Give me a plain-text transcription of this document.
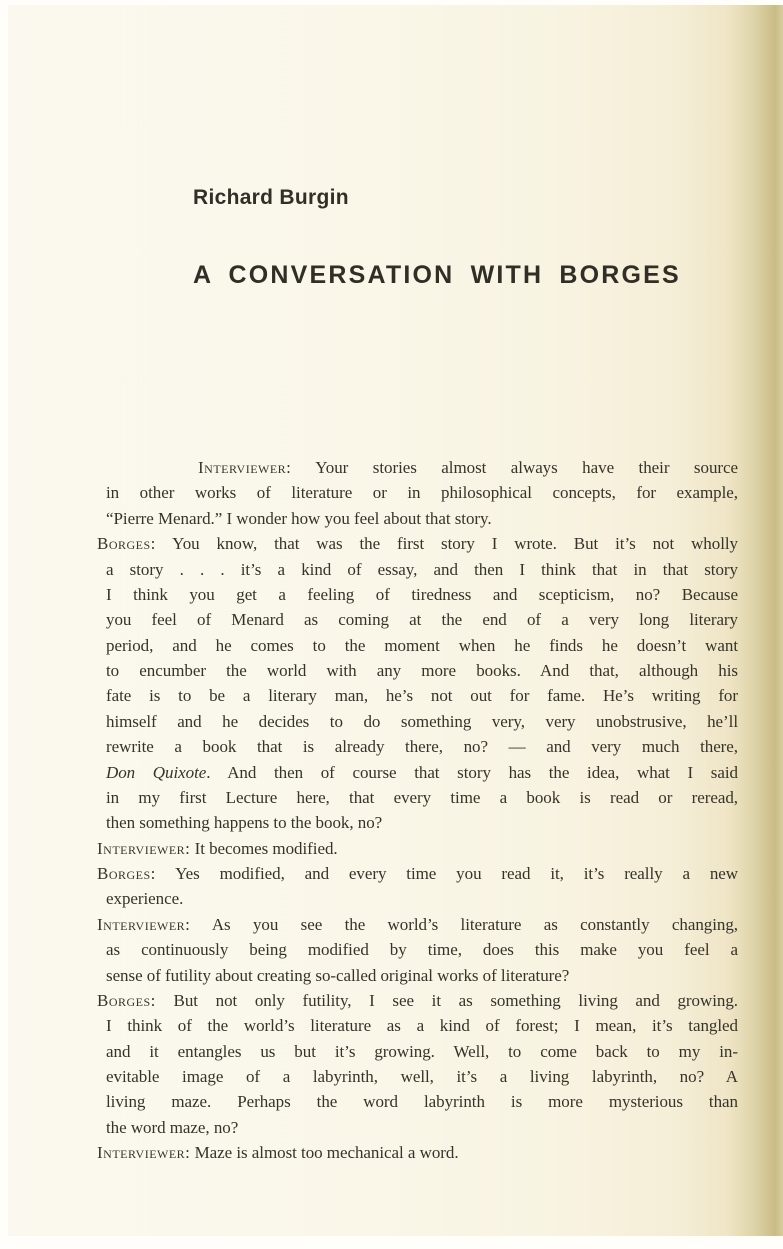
Richard Burgin
A CONVERSATION WITH BORGES
Interviewer: Your stories almost always have their source
in other works of literature or in philosophical concepts, for example,
“Pierre Menard.” I wonder how you feel about that story.
Borges: You know, that was the first story I wrote. But it’s not wholly
a story . . . it’s a kind of essay, and then I think that in that story
I think you get a feeling of tiredness and scepticism, no? Because
you feel of Menard as coming at the end of a very long literary
period, and he comes to the moment when he finds he doesn’t want
to encumber the world with any more books. And that, although his
fate is to be a literary man, he’s not out for fame. He’s writing for
himself and he decides to do something very, very unobstrusive, he’ll
rewrite a book that is already there, no? — and very much there,
Don Quixote. And then of course that story has the idea, what I said
in my first Lecture here, that every time a book is read or reread,
then something happens to the book, no?
Interviewer: It becomes modified.
Borges: Yes modified, and every time you read it, it’s really a new
experience.
Interviewer: As you see the world’s literature as constantly changing,
as continuously being modified by time, does this make you feel a
sense of futility about creating so-called original works of literature?
Borges: But not only futility, I see it as something living and growing.
I think of the world’s literature as a kind of forest; I mean, it’s tangled
and it entangles us but it’s growing. Well, to come back to my in-
evitable image of a labyrinth, well, it’s a living labyrinth, no? A
living maze. Perhaps the word labyrinth is more mysterious than
the word maze, no?
Interviewer: Maze is almost too mechanical a word.
